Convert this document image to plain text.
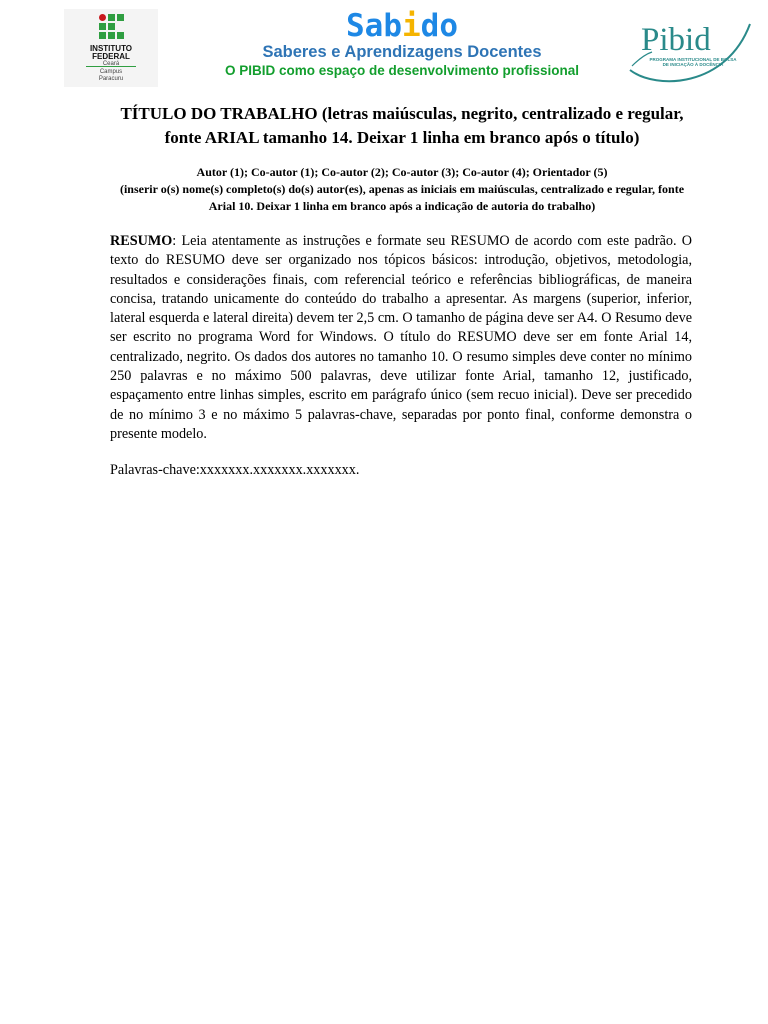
INSTITUTO
FEDERAL
Ceará
Campus
Paracuru
Sabido
Saberes e Aprendizagens Docentes
O PIBID como espaço de desenvolvimento profissional
Pibid
PROGRAMA INSTITUCIONAL DE BOLSA DE INICIAÇÃO À DOCÊNCIA
TÍTULO DO TRABALHO (letras maiúsculas, negrito, centralizado e regular, fonte ARIAL tamanho 14. Deixar 1 linha em branco após o título)
Autor (1); Co-autor (1); Co-autor (2); Co-autor (3); Co-autor (4); Orientador (5)
(inserir o(s) nome(s) completo(s) do(s) autor(es), apenas as iniciais em maiúsculas, centralizado e regular, fonte Arial 10. Deixar 1 linha em branco após a indicação de autoria do trabalho)
RESUMO: Leia atentamente as instruções e formate seu RESUMO de acordo com este padrão. O texto do RESUMO deve ser organizado nos tópicos básicos: introdução, objetivos, metodologia, resultados e considerações finais, com referencial teórico e referências bibliográficas, de maneira concisa, tratando unicamente do conteúdo do trabalho a apresentar. As margens (superior, inferior, lateral esquerda e lateral direita) devem ter 2,5 cm. O tamanho de página deve ser A4. O Resumo deve ser escrito no programa Word for Windows. O título do RESUMO deve ser em fonte Arial 14, centralizado, negrito. Os dados dos autores no tamanho 10. O resumo simples deve conter no mínimo 250 palavras e no máximo 500 palavras, deve utilizar fonte Arial, tamanho 12, justificado, espaçamento entre linhas simples, escrito em parágrafo único (sem recuo inicial). Deve ser precedido de no mínimo 3 e no máximo 5 palavras-chave, separadas por ponto final, conforme demonstra o presente modelo.
Palavras-chave:xxxxxxx.xxxxxxx.xxxxxxx.
